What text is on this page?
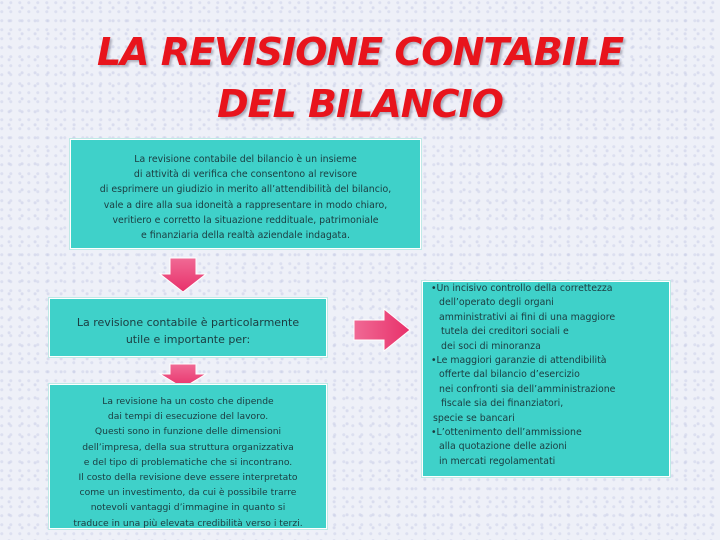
LA REVISIONE CONTABILE
DEL BILANCIO
La revisione contabile del bilancio è un insieme
di attività di verifica che consentono al revisore
di esprimere un giudizio in merito all’attendibilità del bilancio,
vale a dire alla sua idoneità a rappresentare in modo chiaro,
veritiero e corretto la situazione reddituale, patrimoniale
e finanziaria della realtà aziendale indagata.
La revisione contabile è particolarmente
utile e importante per:
La revisione ha un costo che dipende
dai tempi di esecuzione del lavoro.
Questi sono in funzione delle dimensioni
dell’impresa, della sua struttura organizzativa
e del tipo di problematiche che si incontrano.
Il costo della revisione deve essere interpretato
come un investimento, da cui è possibile trarre
notevoli vantaggi d’immagine in quanto si
traduce in una più elevata credibilità verso i terzi.
•Un incisivo controllo della correttezza
dell’operato degli organi
amministrativi ai fini di una maggiore
tutela dei creditori sociali e
dei soci di minoranza
•Le maggiori garanzie di attendibilità
offerte dal bilancio d’esercizio
nei confronti sia dell’amministrazione
fiscale sia dei finanziatori,
specie se bancari
•L’ottenimento dell’ammissione
alla quotazione delle azioni
in mercati regolamentati
